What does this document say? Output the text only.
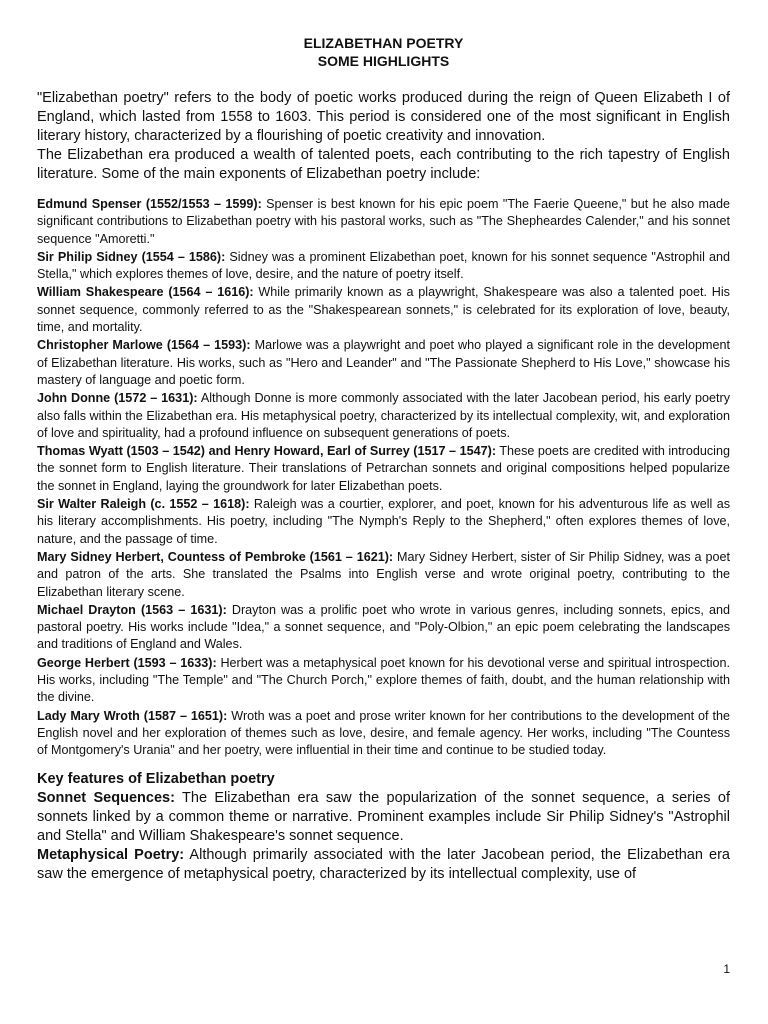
ELIZABETHAN POETRY
SOME HIGHLIGHTS

"Elizabethan poetry" refers to the body of poetic works produced during the reign of Queen Elizabeth I of England, which lasted from 1558 to 1603. This period is considered one of the most significant in English literary history, characterized by a flourishing of poetic creativity and innovation.

The Elizabethan era produced a wealth of talented poets, each contributing to the rich tapestry of English literature. Some of the main exponents of Elizabethan poetry include:

Edmund Spenser (1552/1553 – 1599): Spenser is best known for his epic poem "The Faerie Queene," but he also made significant contributions to Elizabethan poetry with his pastoral works, such as "The Shepheardes Calender," and his sonnet sequence "Amoretti."

Sir Philip Sidney (1554 – 1586): Sidney was a prominent Elizabethan poet, known for his sonnet sequence "Astrophil and Stella," which explores themes of love, desire, and the nature of poetry itself.

William Shakespeare (1564 – 1616): While primarily known as a playwright, Shakespeare was also a talented poet. His sonnet sequence, commonly referred to as the "Shakespearean sonnets," is celebrated for its exploration of love, beauty, time, and mortality.

Christopher Marlowe (1564 – 1593): Marlowe was a playwright and poet who played a significant role in the development of Elizabethan literature. His works, such as "Hero and Leander" and "The Passionate Shepherd to His Love," showcase his mastery of language and poetic form.

John Donne (1572 – 1631): Although Donne is more commonly associated with the later Jacobean period, his early poetry also falls within the Elizabethan era. His metaphysical poetry, characterized by its intellectual complexity, wit, and exploration of love and spirituality, had a profound influence on subsequent generations of poets.

Thomas Wyatt (1503 – 1542) and Henry Howard, Earl of Surrey (1517 – 1547): These poets are credited with introducing the sonnet form to English literature. Their translations of Petrarchan sonnets and original compositions helped popularize the sonnet in England, laying the groundwork for later Elizabethan poets.

Sir Walter Raleigh (c. 1552 – 1618): Raleigh was a courtier, explorer, and poet, known for his adventurous life as well as his literary accomplishments. His poetry, including "The Nymph's Reply to the Shepherd," often explores themes of love, nature, and the passage of time.

Mary Sidney Herbert, Countess of Pembroke (1561 – 1621): Mary Sidney Herbert, sister of Sir Philip Sidney, was a poet and patron of the arts. She translated the Psalms into English verse and wrote original poetry, contributing to the Elizabethan literary scene.

Michael Drayton (1563 – 1631): Drayton was a prolific poet who wrote in various genres, including sonnets, epics, and pastoral poetry. His works include "Idea," a sonnet sequence, and "Poly-Olbion," an epic poem celebrating the landscapes and traditions of England and Wales.

George Herbert (1593 – 1633): Herbert was a metaphysical poet known for his devotional verse and spiritual introspection. His works, including "The Temple" and "The Church Porch," explore themes of faith, doubt, and the human relationship with the divine.

Lady Mary Wroth (1587 – 1651): Wroth was a poet and prose writer known for her contributions to the development of the English novel and her exploration of themes such as love, desire, and female agency. Her works, including "The Countess of Montgomery's Urania" and her poetry, were influential in their time and continue to be studied today.

Key features of Elizabethan poetry

Sonnet Sequences: The Elizabethan era saw the popularization of the sonnet sequence, a series of sonnets linked by a common theme or narrative. Prominent examples include Sir Philip Sidney's "Astrophil and Stella" and William Shakespeare's sonnet sequence.

Metaphysical Poetry: Although primarily associated with the later Jacobean period, the Elizabethan era saw the emergence of metaphysical poetry, characterized by its intellectual complexity, use of

1
